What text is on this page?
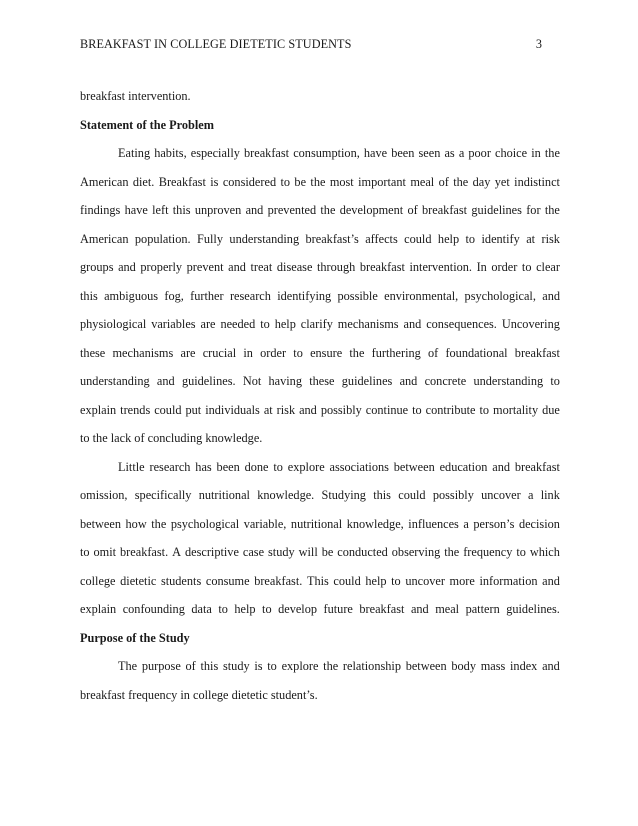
BREAKFAST IN COLLEGE DIETETIC STUDENTS	3
breakfast intervention.
Statement of the Problem
Eating habits, especially breakfast consumption, have been seen as a poor choice in the
American diet. Breakfast is considered to be the most important meal of the day yet indistinct
findings have left this unproven and prevented the development of breakfast guidelines for the
American population. Fully understanding breakfast’s affects could help to identify at risk
groups and properly prevent and treat disease through breakfast intervention. In order to clear
this ambiguous fog, further research identifying possible environmental, psychological, and
physiological variables are needed to help clarify mechanisms and consequences. Uncovering
these mechanisms are crucial in order to ensure the furthering of foundational breakfast
understanding and guidelines. Not having these guidelines and concrete understanding to
explain trends could put individuals at risk and possibly continue to contribute to mortality due
to the lack of concluding knowledge.
Little research has been done to explore associations between education and breakfast
omission, specifically nutritional knowledge. Studying this could possibly uncover a link
between how the psychological variable, nutritional knowledge, influences a person’s decision
to omit breakfast. A descriptive case study will be conducted observing the frequency to which
college dietetic students consume breakfast. This could help to uncover more information and
explain confounding data to help to develop future breakfast and meal pattern guidelines.
Purpose of the Study
The purpose of this study is to explore the relationship between body mass index and
breakfast frequency in college dietetic student’s.
